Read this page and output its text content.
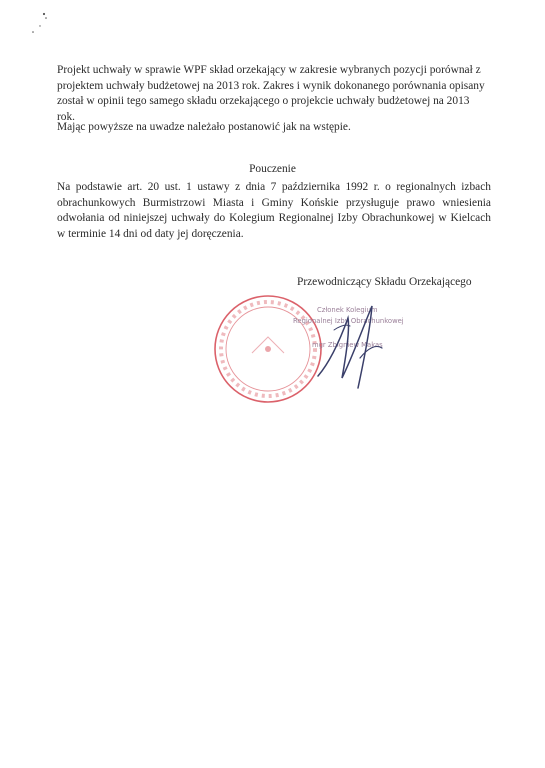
Projekt uchwały w sprawie WPF skład orzekający w zakresie wybranych pozycji porównał z projektem uchwały budżetowej na 2013 rok. Zakres i wynik dokonanego porównania opisany został w opinii tego samego składu orzekającego o projekcie uchwały budżetowej na 2013 rok.

Mając powyższe na uwadze należało postanowić jak na wstępie.

Pouczenie

Na podstawie art. 20 ust. 1 ustawy z dnia 7 października 1992 r. o regionalnych izbach obrachunkowych Burmistrzowi Miasta i Gminy Końskie przysługuje prawo wniesienia odwołania od niniejszej uchwały do Kolegium Regionalnej Izby Obrachunkowej w Kielcach w terminie 14 dni od daty jej doręczenia.

Przewodniczący Składu Orzekającego
Członek Kolegium
Regionalnej Izby Obrachunkowej
mgr Zbigniew Makas
